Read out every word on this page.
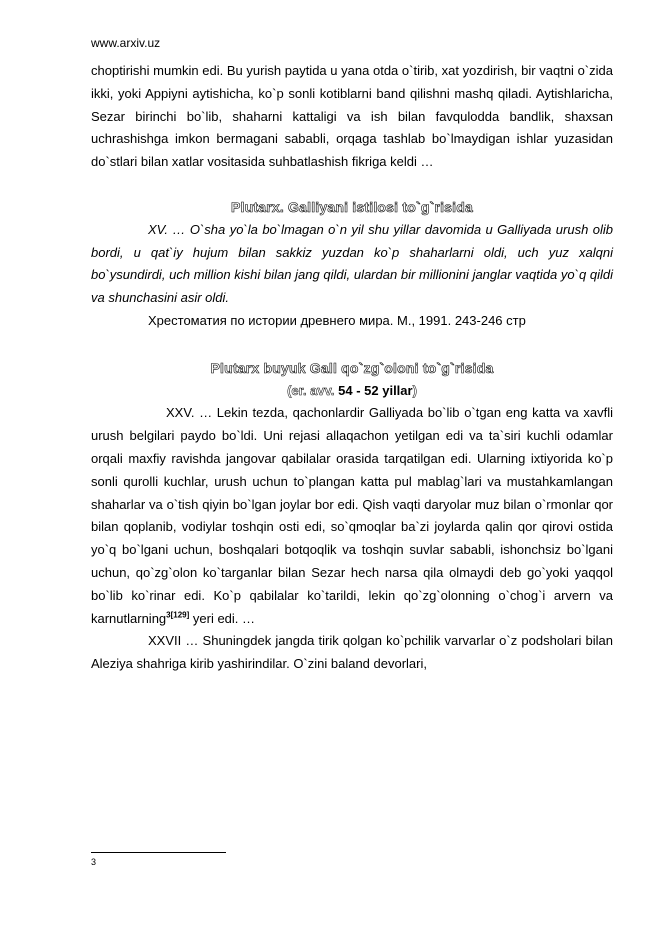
www.arxiv.uz

choptirishi mumkin edi. Bu yurish paytida u yana otda o`tirib, xat yozdirish, bir vaqtni o`zida ikki, yoki Appiyni aytishicha, ko`p sonli kotiblarni band qilishni mashq qiladi. Aytishlaricha, Sezar birinchi bo`lib, shaharni kattaligi va ish bilan favqulodda bandlik, shaxsan uchrashishga imkon bermagani sababli, orqaga tashlab bo`lmaydigan ishlar yuzasidan do`stlari bilan xatlar vositasida suhbatlashish fikriga keldi …

Plutarx. Galliyani istilosi to`g`risida

XV. … O`sha yo`la bo`lmagan o`n yil shu yillar davomida u Galliyada urush olib bordi, u qat`iy hujum bilan sakkiz yuzdan ko`p shaharlarni oldi, uch yuz xalqni bo`ysundirdi, uch million kishi bilan jang qildi, ulardan bir millionini janglar vaqtida yo`q qildi va shunchasini asir oldi.

Хрестоматия по истории древнего мира. М., 1991. 243-246 стр

Plutarx buyuk Gall qo`zg`oloni to`g`risida

(er. avv. 54 - 52 yillar)

XXV. … Lekin tezda, qachonlardir Galliyada bo`lib o`tgan eng katta va xavfli urush belgilari paydo bo`ldi. Uni rejasi allaqachon yetilgan edi va ta`siri kuchli odamlar orqali maxfiy ravishda jangovar qabilalar orasida tarqatilgan edi. Ularning ixtiyorida ko`p sonli qurolli kuchlar, urush uchun to`plangan katta pul mablag`lari va mustahkamlangan shaharlar va o`tish qiyin bo`lgan joylar bor edi. Qish vaqti daryolar muz bilan o`rmonlar qor bilan qoplanib, vodiylar toshqin osti edi, so`qmoqlar ba`zi joylarda qalin qor qirovi ostida yo`q bo`lgani uchun, boshqalari botqoqlik va toshqin suvlar sababli, ishonchsiz bo`lgani uchun, qo`zg`olon ko`targanlar bilan Sezar hech narsa qila olmaydi deb go`yoki yaqqol bo`lib ko`rinar edi. Ko`p qabilalar ko`tarildi, lekin qo`zg`olonning o`chog`i arvern va karnutlarning$^{3[129]}$ yeri edi. …

XXVII … Shuningdek jangda tirik qolgan ko`pchilik varvarlar o`z podsholari bilan Aleziya shahriga kirib yashirindilar. O`zini baland devorlari,

3
